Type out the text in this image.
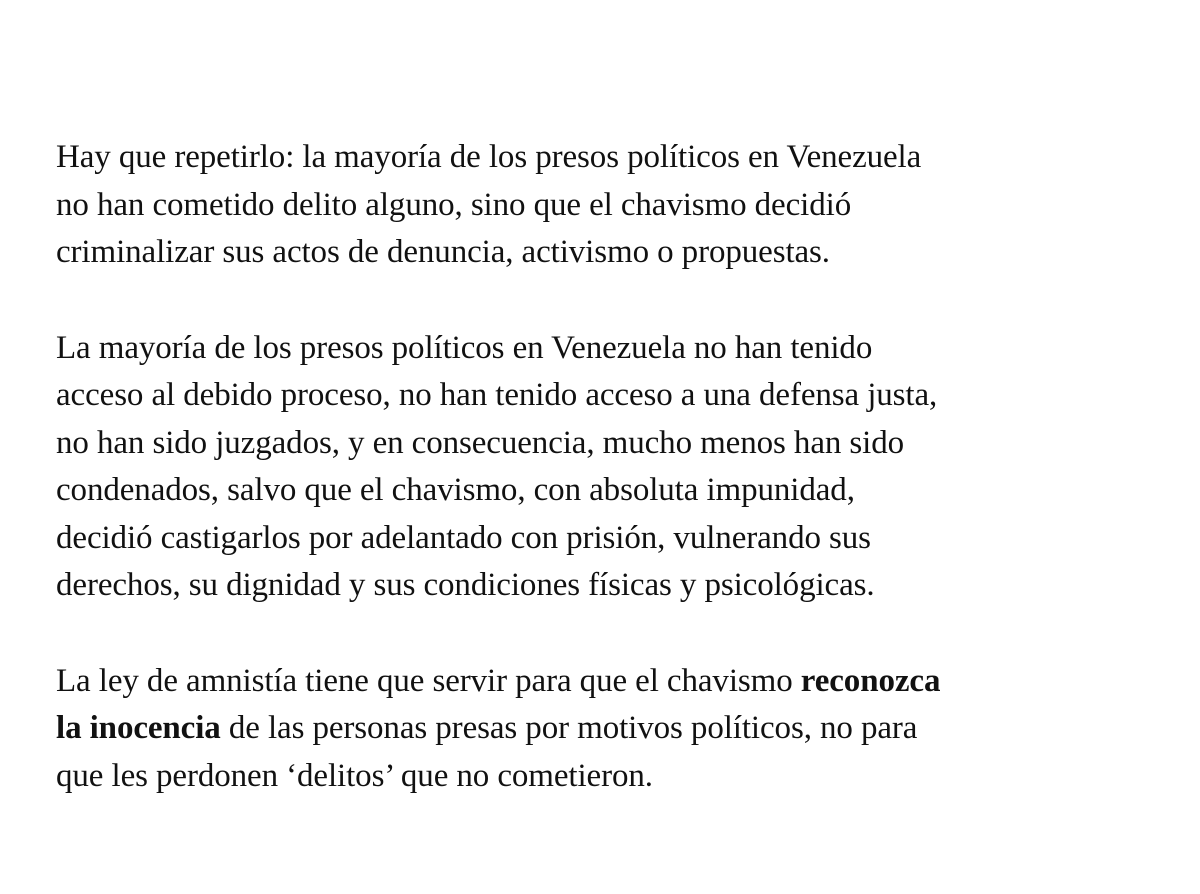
Hay que repetirlo: la mayoría de los presos políticos en Venezuela
no han cometido delito alguno, sino que el chavismo decidió
criminalizar sus actos de denuncia, activismo o propuestas.

La mayoría de los presos políticos en Venezuela no han tenido
acceso al debido proceso, no han tenido acceso a una defensa justa,
no han sido juzgados, y en consecuencia, mucho menos han sido
condenados, salvo que el chavismo, con absoluta impunidad,
decidió castigarlos por adelantado con prisión, vulnerando sus
derechos, su dignidad y sus condiciones físicas y psicológicas.

La ley de amnistía tiene que servir para que el chavismo reconozca
la inocencia de las personas presas por motivos políticos, no para
que les perdonen ‘delitos’ que no cometieron.
